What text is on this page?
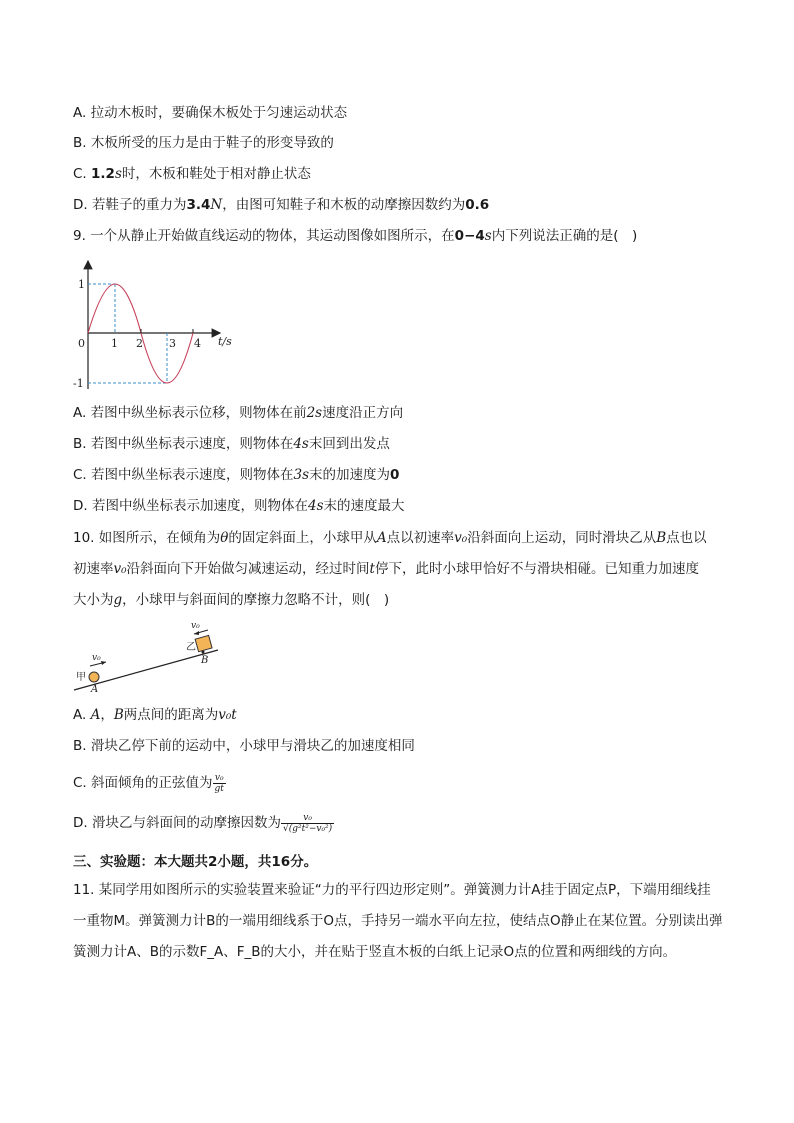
A. 拉动木板时，要确保木板处于匀速运动状态
B. 木板所受的压力是由于鞋子的形变导致的
C. 1.2s时，木板和鞋处于相对静止状态
D. 若鞋子的重力为3.4N，由图可知鞋子和木板的动摩擦因数约为0.6
9. 一个从静止开始做直线运动的物体，其运动图像如图所示，在0−4s内下列说法正确的是(　)
1
-1
0 1 2 3 4 t/s
A. 若图中纵坐标表示位移，则物体在前2s速度沿正方向
B. 若图中纵坐标表示速度，则物体在4s末回到出发点
C. 若图中纵坐标表示速度，则物体在3s末的加速度为0
D. 若图中纵坐标表示加速度，则物体在4s末的速度最大
10. 如图所示，在倾角为θ的固定斜面上，小球甲从A点以初速率v₀沿斜面向上运动，同时滑块乙从B点也以
初速率v₀沿斜面向下开始做匀减速运动，经过时间t停下，此时小球甲恰好不与滑块相碰。已知重力加速度
大小为g，小球甲与斜面间的摩擦力忽略不计，则(　)
v₀
甲
A
v₀
乙
B
A. A，B两点间的距离为v₀t
B. 滑块乙停下前的运动中，小球甲与滑块乙的加速度相同
C. 斜面倾角的正弦值为 $\frac{\text{v₀}}{gt}$
D. 滑块乙与斜面间的动摩擦因数为 $\frac{\text{v₀}}{\text{√(g²t²−v₀²)}}$
三、实验题：本大题共2小题，共16分。
11. 某同学用如图所示的实验装置来验证“力的平行四边形定则”。弹簧测力计A挂于固定点P，下端用细线挂一重物M。弹簧测力计B的一端用细线系于O点，手持另一端水平向左拉，使结点O静止在某位置。分别读出弹簧测力计A、B的示数F_A、F_B的大小，并在贴于竖直木板的白纸上记录O点的位置和两细线的方向。
